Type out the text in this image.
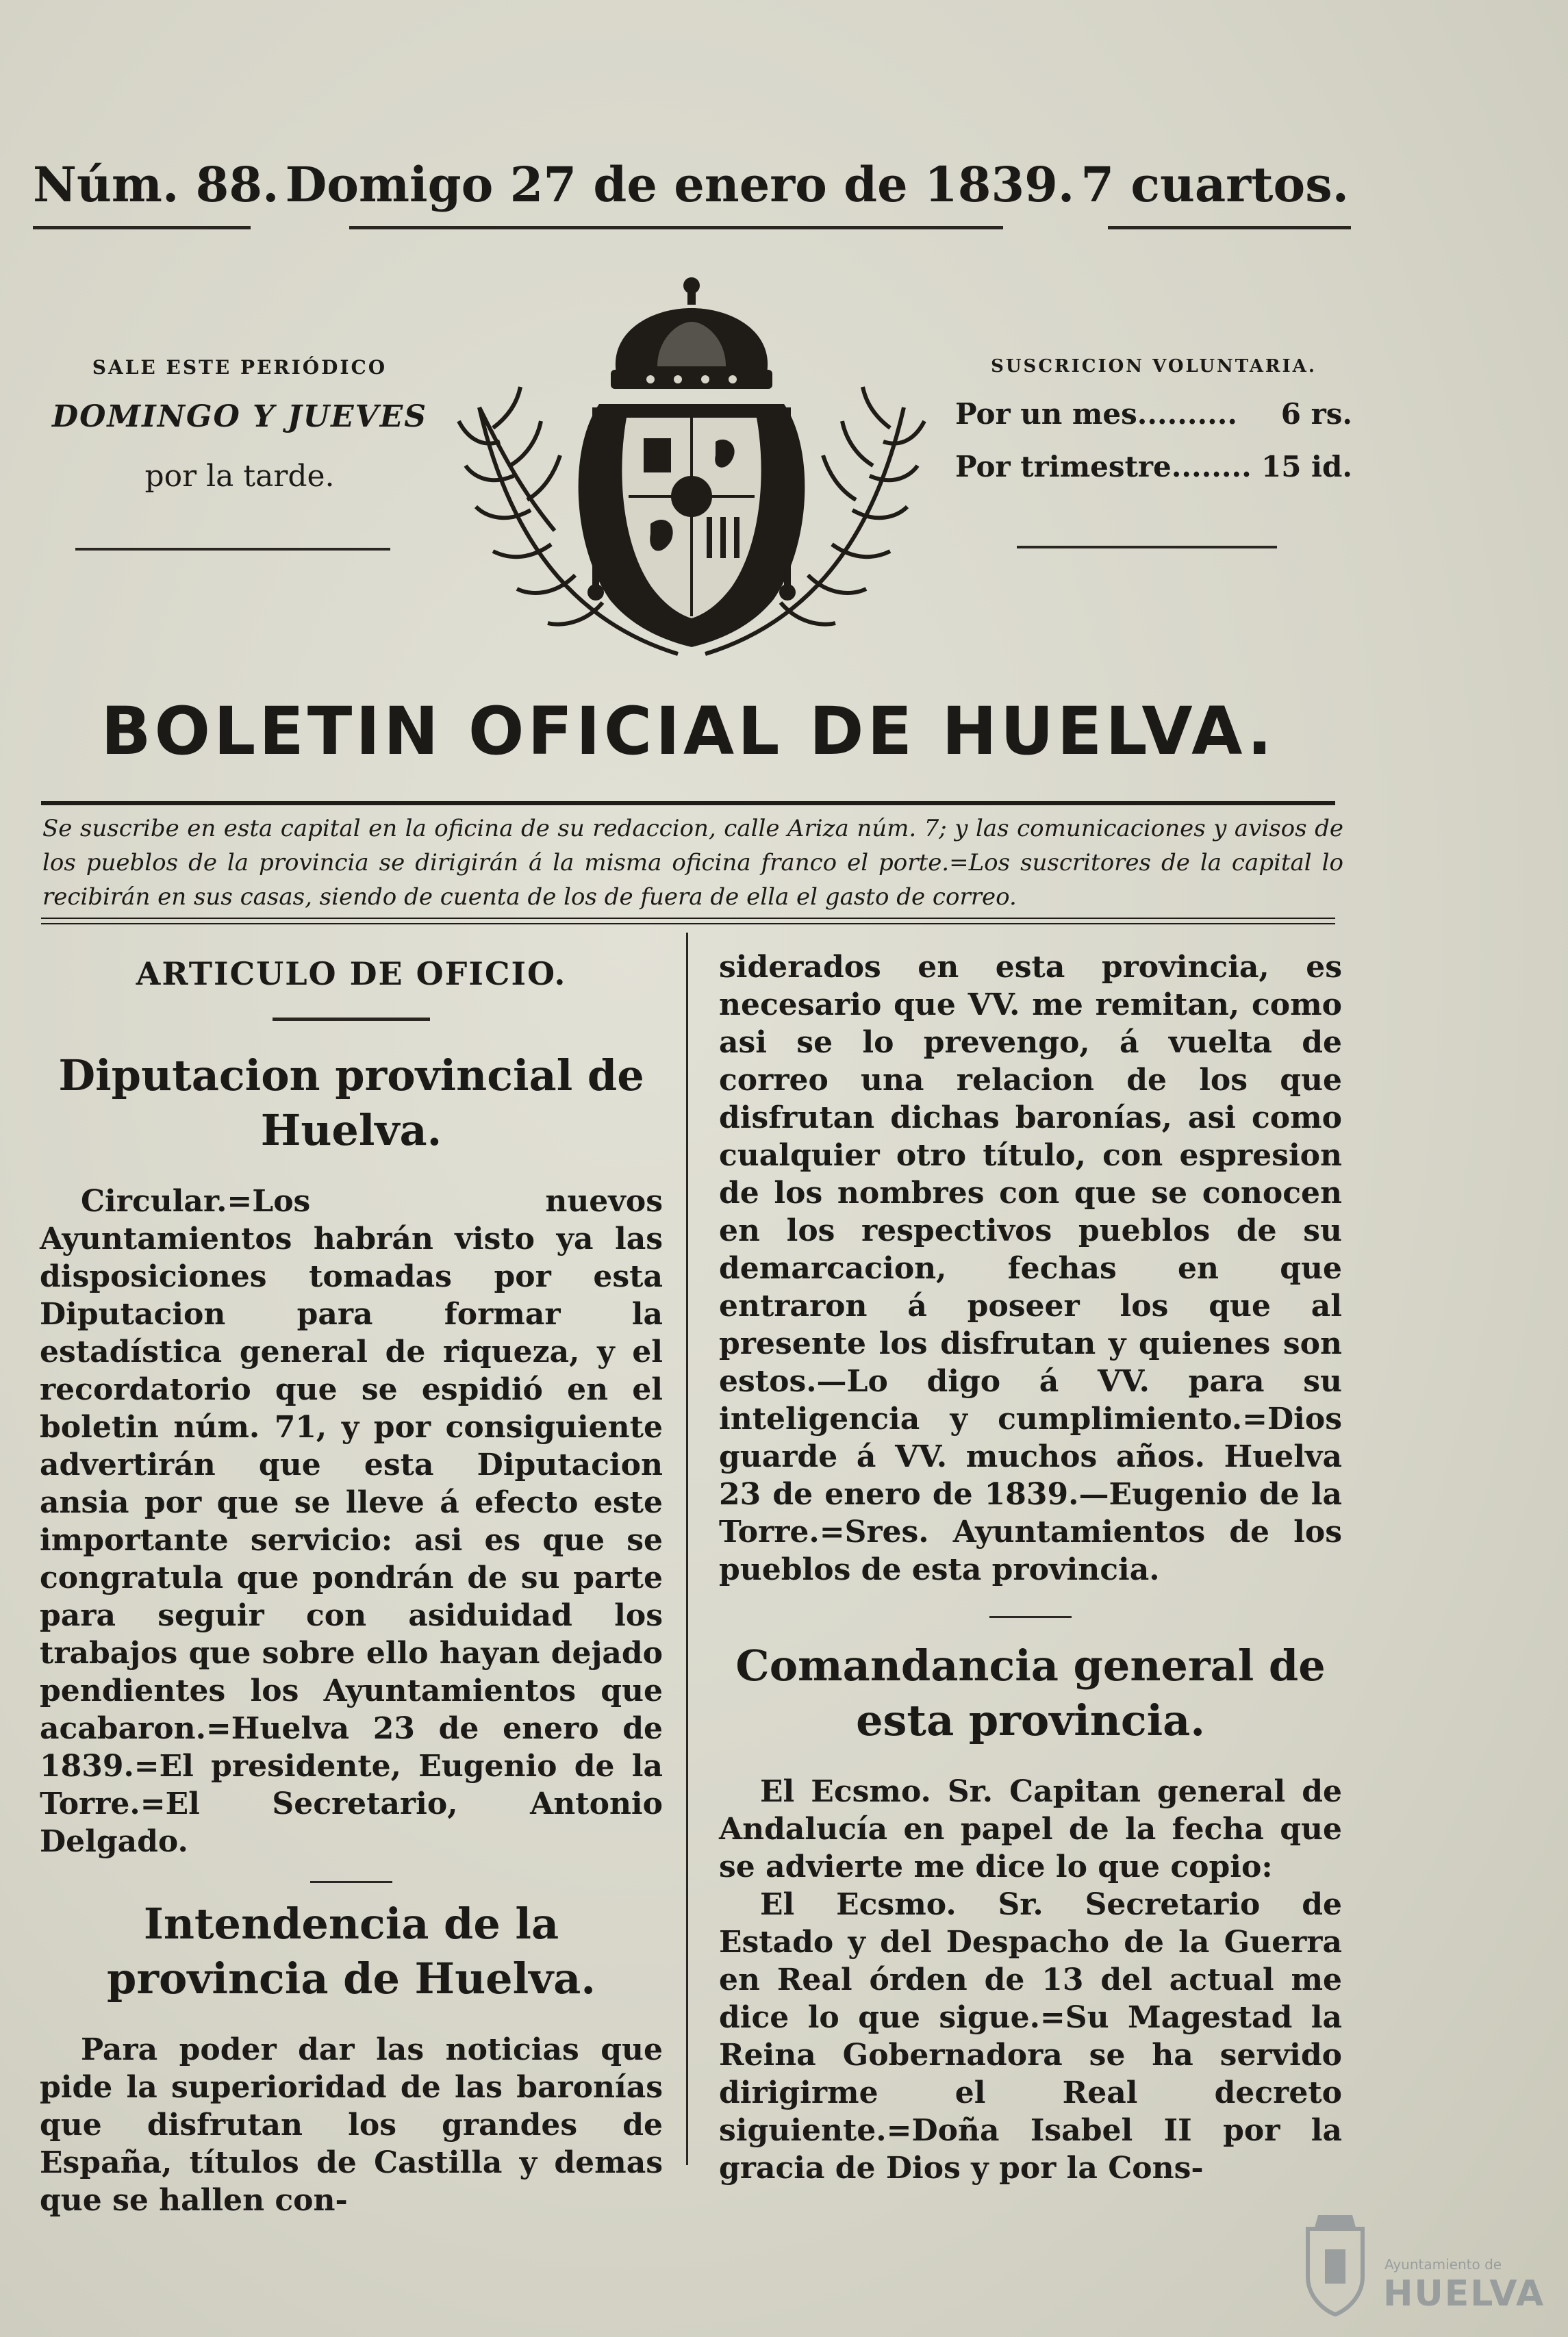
Núm. 88. Domigo 27 de enero de 1839. 7 cuartos.
SALE ESTE PERIÓDICO
DOMINGO Y JUEVES
por la tarde.
SUSCRICION VOLUNTARIA.
Por un mes.......... 6 rs.
Por trimestre........ 15 id.
BOLETIN OFICIAL DE HUELVA.
Se suscribe en esta capital en la oficina de su redaccion, calle Ariza núm. 7; y las comunicaciones y avisos de los pueblos de la provincia se dirigirán á la misma oficina franco el porte.=Los suscritores de la capital lo recibirán en sus casas, siendo de cuenta de los de fuera de ella el gasto de correo.
ARTICULO DE OFICIO.
Diputacion provincial de Huelva.

Circular.=Los nuevos Ayuntamientos habrán visto ya las disposiciones tomadas por esta Diputacion para formar la estadística general de riqueza, y el recordatorio que se espidió en el boletin núm. 71, y por consiguiente advertirán que esta Diputacion ansia por que se lleve á efecto este importante servicio: asi es que se congratula que pondrán de su parte para seguir con asiduidad los trabajos que sobre ello hayan dejado pendientes los Ayuntamientos que acabaron.=Huelva 23 de enero de 1839.=El presidente, Eugenio de la Torre.=El Secretario, Antonio Delgado.

Intendencia de la provincia de Huelva.

Para poder dar las noticias que pide la superioridad de las baronías que disfrutan los grandes de España, títulos de Castilla y demas que se hallen con-

siderados en esta provincia, es necesario que VV. me remitan, como asi se lo prevengo, á vuelta de correo una relacion de los que disfrutan dichas baronías, asi como cualquier otro título, con espresion de los nombres con que se conocen en los respectivos pueblos de su demarcacion, fechas en que entraron á poseer los que al presente los disfrutan y quienes son estos.—Lo digo á VV. para su inteligencia y cumplimiento.=Dios guarde á VV. muchos años. Huelva 23 de enero de 1839.—Eugenio de la Torre.=Sres. Ayuntamientos de los pueblos de esta provincia.

Comandancia general de esta provincia.

El Ecsmo. Sr. Capitan general de Andalucía en papel de la fecha que se advierte me dice lo que copio:

El Ecsmo. Sr. Secretario de Estado y del Despacho de la Guerra en Real órden de 13 del actual me dice lo que sigue.=Su Magestad la Reina Gobernadora se ha servido dirigirme el Real decreto siguiente.=Doña Isabel II por la gracia de Dios y por la Cons-

Ayuntamiento de
HUELVA
